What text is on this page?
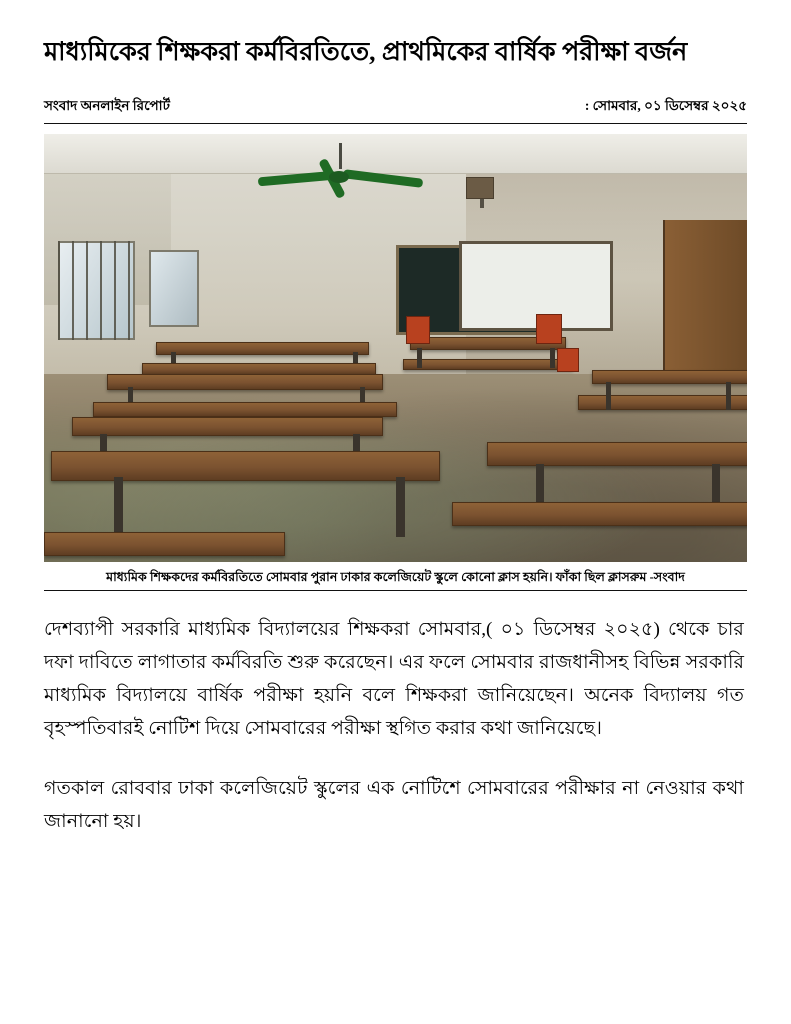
মাধ্যমিকের শিক্ষকরা কর্মবিরতিতে, প্রাথমিকের বার্ষিক পরীক্ষা বর্জন
সংবাদ অনলাইন রিপোর্ট	: সোমবার, ০১ ডিসেম্বর ২০২৫
মাধ্যমিক শিক্ষকদের কর্মবিরতিতে সোমবার পুরান ঢাকার কলেজিয়েট স্কুলে কোনো ক্লাস হয়নি। ফাঁকা ছিল ক্লাসরুম -সংবাদ

দেশব্যাপী সরকারি মাধ্যমিক বিদ্যালয়ের শিক্ষকরা সোমবার,( ০১ ডিসেম্বর ২০২৫) থেকে চার দফা দাবিতে লাগাতার কর্মবিরতি শুরু করেছেন। এর ফলে সোমবার রাজধানীসহ বিভিন্ন সরকারি মাধ্যমিক বিদ্যালয়ে বার্ষিক পরীক্ষা হয়নি বলে শিক্ষকরা জানিয়েছেন। অনেক বিদ্যালয় গত বৃহস্পতিবারই নোটিশ দিয়ে সোমবারের পরীক্ষা স্থগিত করার কথা জানিয়েছে।

গতকাল রোববার ঢাকা কলেজিয়েট স্কুলের এক নোটিশে সোমবারের পরীক্ষার না নেওয়ার কথা জানানো হয়।
